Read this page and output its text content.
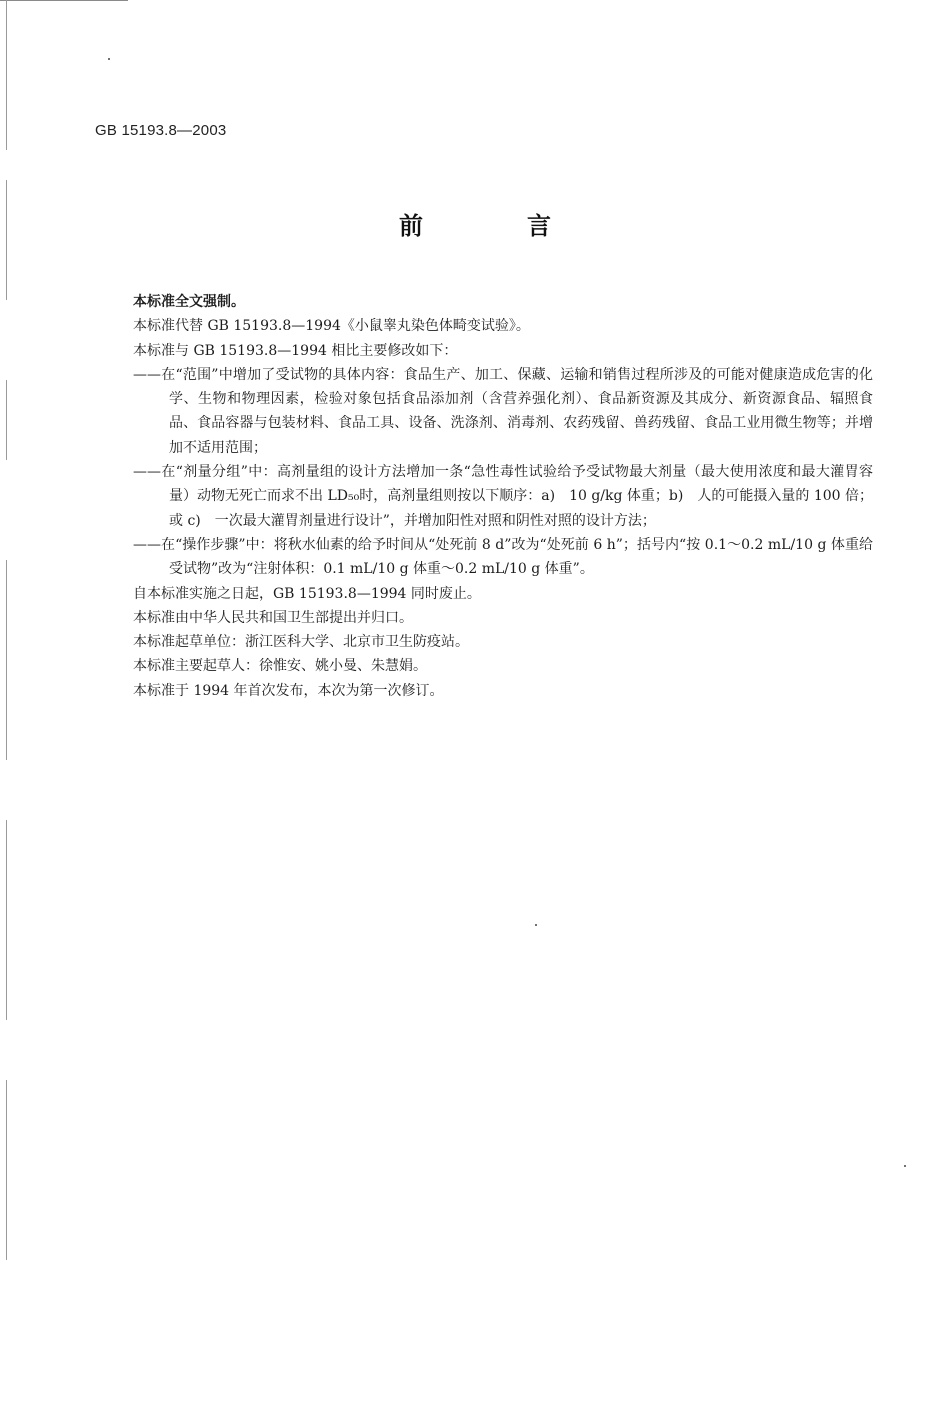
GB 15193.8—2003
前　言
本标准全文强制。
本标准代替 GB 15193.8—1994《小鼠睾丸染色体畸变试验》。
本标准与 GB 15193.8—1994 相比主要修改如下：
——在“范围”中增加了受试物的具体内容：食品生产、加工、保藏、运输和销售过程所涉及的可能对健康造成危害的化学、生物和物理因素，检验对象包括食品添加剂（含营养强化剂）、食品新资源及其成分、新资源食品、辐照食品、食品容器与包装材料、食品工具、设备、洗涤剂、消毒剂、农药残留、兽药残留、食品工业用微生物等；并增加不适用范围；
——在“剂量分组”中：高剂量组的设计方法增加一条“急性毒性试验给予受试物最大剂量（最大使用浓度和最大灌胃容量）动物无死亡而求不出 LD₅₀时，高剂量组则按以下顺序：a)　10 g/kg 体重；b)　人的可能摄入量的 100 倍；或 c)　一次最大灌胃剂量进行设计”，并增加阳性对照和阴性对照的设计方法；
——在“操作步骤”中：将秋水仙素的给予时间从“处死前 8 d”改为“处死前 6 h”；括号内“按 0.1～0.2 mL/10 g 体重给受试物”改为“注射体积：0.1 mL/10 g 体重～0.2 mL/10 g 体重”。
自本标准实施之日起，GB 15193.8—1994 同时废止。
本标准由中华人民共和国卫生部提出并归口。
本标准起草单位：浙江医科大学、北京市卫生防疫站。
本标准主要起草人：徐惟安、姚小曼、朱慧娟。
本标准于 1994 年首次发布，本次为第一次修订。
